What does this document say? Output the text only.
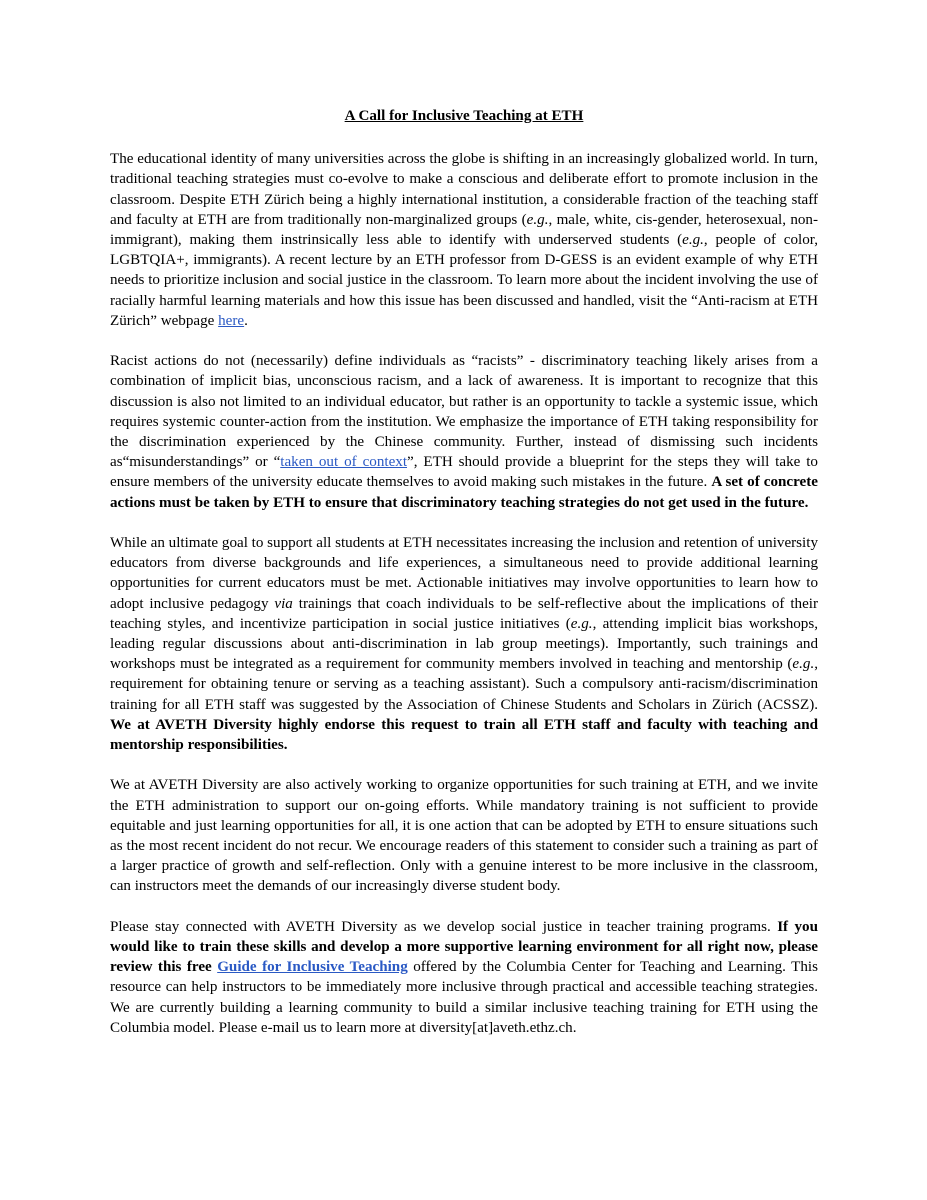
A Call for Inclusive Teaching at ETH

The educational identity of many universities across the globe is shifting in an increasingly globalized world. In turn, traditional teaching strategies must co-evolve to make a conscious and deliberate effort to promote inclusion in the classroom. Despite ETH Zürich being a highly international institution, a considerable fraction of the teaching staff and faculty at ETH are from traditionally non-marginalized groups (e.g., male, white, cis-gender, heterosexual, non-immigrant), making them instrinsically less able to identify with underserved students (e.g., people of color, LGBTQIA+, immigrants). A recent lecture by an ETH professor from D-GESS is an evident example of why ETH needs to prioritize inclusion and social justice in the classroom. To learn more about the incident involving the use of racially harmful learning materials and how this issue has been discussed and handled, visit the “Anti-racism at ETH Zürich” webpage here.

Racist actions do not (necessarily) define individuals as “racists” - discriminatory teaching likely arises from a combination of implicit bias, unconscious racism, and a lack of awareness. It is important to recognize that this discussion is also not limited to an individual educator, but rather is an opportunity to tackle a systemic issue, which requires systemic counter-action from the institution. We emphasize the importance of ETH taking responsibility for the discrimination experienced by the Chinese community. Further, instead of dismissing such incidents as“misunderstandings” or “taken out of context”, ETH should provide a blueprint for the steps they will take to ensure members of the university educate themselves to avoid making such mistakes in the future. A set of concrete actions must be taken by ETH to ensure that discriminatory teaching strategies do not get used in the future.

While an ultimate goal to support all students at ETH necessitates increasing the inclusion and retention of university educators from diverse backgrounds and life experiences, a simultaneous need to provide additional learning opportunities for current educators must be met. Actionable initiatives may involve opportunities to learn how to adopt inclusive pedagogy via trainings that coach individuals to be self-reflective about the implications of their teaching styles, and incentivize participation in social justice initiatives (e.g., attending implicit bias workshops, leading regular discussions about anti-discrimination in lab group meetings). Importantly, such trainings and workshops must be integrated as a requirement for community members involved in teaching and mentorship (e.g., requirement for obtaining tenure or serving as a teaching assistant). Such a compulsory anti-racism/discrimination training for all ETH staff was suggested by the Association of Chinese Students and Scholars in Zürich (ACSSZ). We at AVETH Diversity highly endorse this request to train all ETH staff and faculty with teaching and mentorship responsibilities.

We at AVETH Diversity are also actively working to organize opportunities for such training at ETH, and we invite the ETH administration to support our on-going efforts. While mandatory training is not sufficient to provide equitable and just learning opportunities for all, it is one action that can be adopted by ETH to ensure situations such as the most recent incident do not recur. We encourage readers of this statement to consider such a training as part of a larger practice of growth and self-reflection. Only with a genuine interest to be more inclusive in the classroom, can instructors meet the demands of our increasingly diverse student body.

Please stay connected with AVETH Diversity as we develop social justice in teacher training programs. If you would like to train these skills and develop a more supportive learning environment for all right now, please review this free Guide for Inclusive Teaching offered by the Columbia Center for Teaching and Learning. This resource can help instructors to be immediately more inclusive through practical and accessible teaching strategies. We are currently building a learning community to build a similar inclusive teaching training for ETH using the Columbia model. Please e-mail us to learn more at diversity[at]aveth.ethz.ch.
